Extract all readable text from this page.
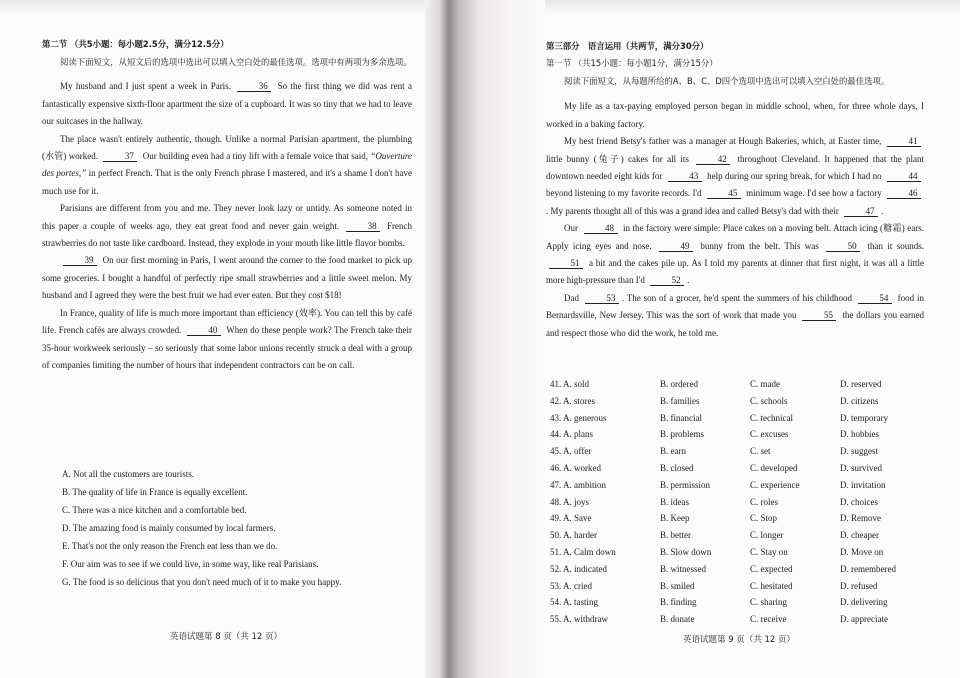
第二节 （共5小题：每小题2.5分，满分12.5分）

阅读下面短文，从短文后的选项中选出可以填入空白处的最佳选项。选项中有两项为多余选项。

My husband and I just spent a week in Paris.	36 So the first thing we did was rent a fantastically expensive sixth-floor apartment the size of a cupboard. It was so tiny that we had to leave our suitcases in the hallway.

The place wasn't entirely authentic, though. Unlike a normal Parisian apartment, the plumbing (水管) worked.	37 Our building even had a tiny lift with a female voice that said, “Ouverture des portes,” in perfect French. That is the only French phrase I mastered, and it's a shame I don't have much use for it.

Parisians are different from you and me. They never look lazy or untidy. As someone noted in this paper a couple of weeks ago, they eat great food and never gain weight.	38 French strawberries do not taste like cardboard. Instead, they explode in your mouth like little flavor bombs.

39 On our first morning in Paris, I went around the corner to the food market to pick up some groceries. I bought a handful of perfectly ripe small strawberries and a little sweet melon. My husband and I agreed they were the best fruit we had ever eaten. But they cost $18!

In France, quality of life is much more important than efficiency (效率). You can tell this by café life. French cafés are always crowded.	40 When do these people work? The French take their 35-hour workweek seriously – so seriously that some labor unions recently struck a deal with a group of companies limiting the number of hours that independent contractors can be on call.

A. Not all the customers are tourists.
B. The quality of life in France is equally excellent.
C. There was a nice kitchen and a comfortable bed.
D. The amazing food is mainly consumed by local farmers.
E. That's not the only reason the French eat less than we do.
F. Our aim was to see if we could live, in some way, like real Parisians.
G. The food is so delicious that you don't need much of it to make you happy.
英语试题第 8 页（共 12 页）
第三部分　语言运用（共两节，满分30分）
第一节 （共15小题：每小题1分，满分15分）

阅读下面短文，从每题所给的A、B、C、D四个选项中选出可以填入空白处的最佳选项。

My life as a tax-paying employed person began in middle school, when, for three whole days, I worked in a baking factory.

My best friend Betsy's father was a manager at Hough Bakeries, which, at Easter time,	41 little bunny (兔子) cakes for all its	42 throughout Cleveland. It happened that the plant downtown needed eight kids for	43 help during our spring break, for which I had no	44 beyond listening to my favorite records. I'd	45 minimum wage. I'd see how a factory	46. My parents thought all of this was a grand idea and called Betsy's dad with their	47 .

Our	48 in the factory were simple: Place cakes on a moving belt. Attach icing (糖霜) ears. Apply icing eyes and nose.	49 bunny from the belt. This was	50 than it sounds. 51 a bit and the cakes pile up. As I told my parents at dinner that first night, it was all a little more high-pressure than I'd	52 .

Dad	53 . The son of a grocer, he'd spent the summers of his childhood	54 food in Bernardsville, New Jersey. This was the sort of work that made you	55 the dollars you earned and respect those who did the work, he told me.

41. A. sold	B. ordered	C. made	D. reserved
42. A. stores	B. families	C. schools	D. citizens
43. A. generous	B. financial	C. technical	D. temporary
44. A. plans	B. problems	C. excuses	D. hobbies
45. A. offer	B. earn	C. set	D. suggest
46. A. worked	B. closed	C. developed	D. survived
47. A. ambition	B. permission	C. experience	D. invitation
48. A. joys	B. ideas	C. roles	D. choices
49. A. Save	B. Keep	C. Stop	D. Remove
50. A. harder	B. better	C. longer	D. cheaper
51. A. Calm down	B. Slow down	C. Stay on	D. Move on
52. A. indicated	B. witnessed	C. expected	D. remembered
53. A. cried	B. smiled	C. hesitated	D. refused
54. A. tasting	B. finding	C. sharing	D. delivering
55. A. withdraw	B. donate	C. receive	D. appreciate
英语试题第 9 页（共 12 页）
